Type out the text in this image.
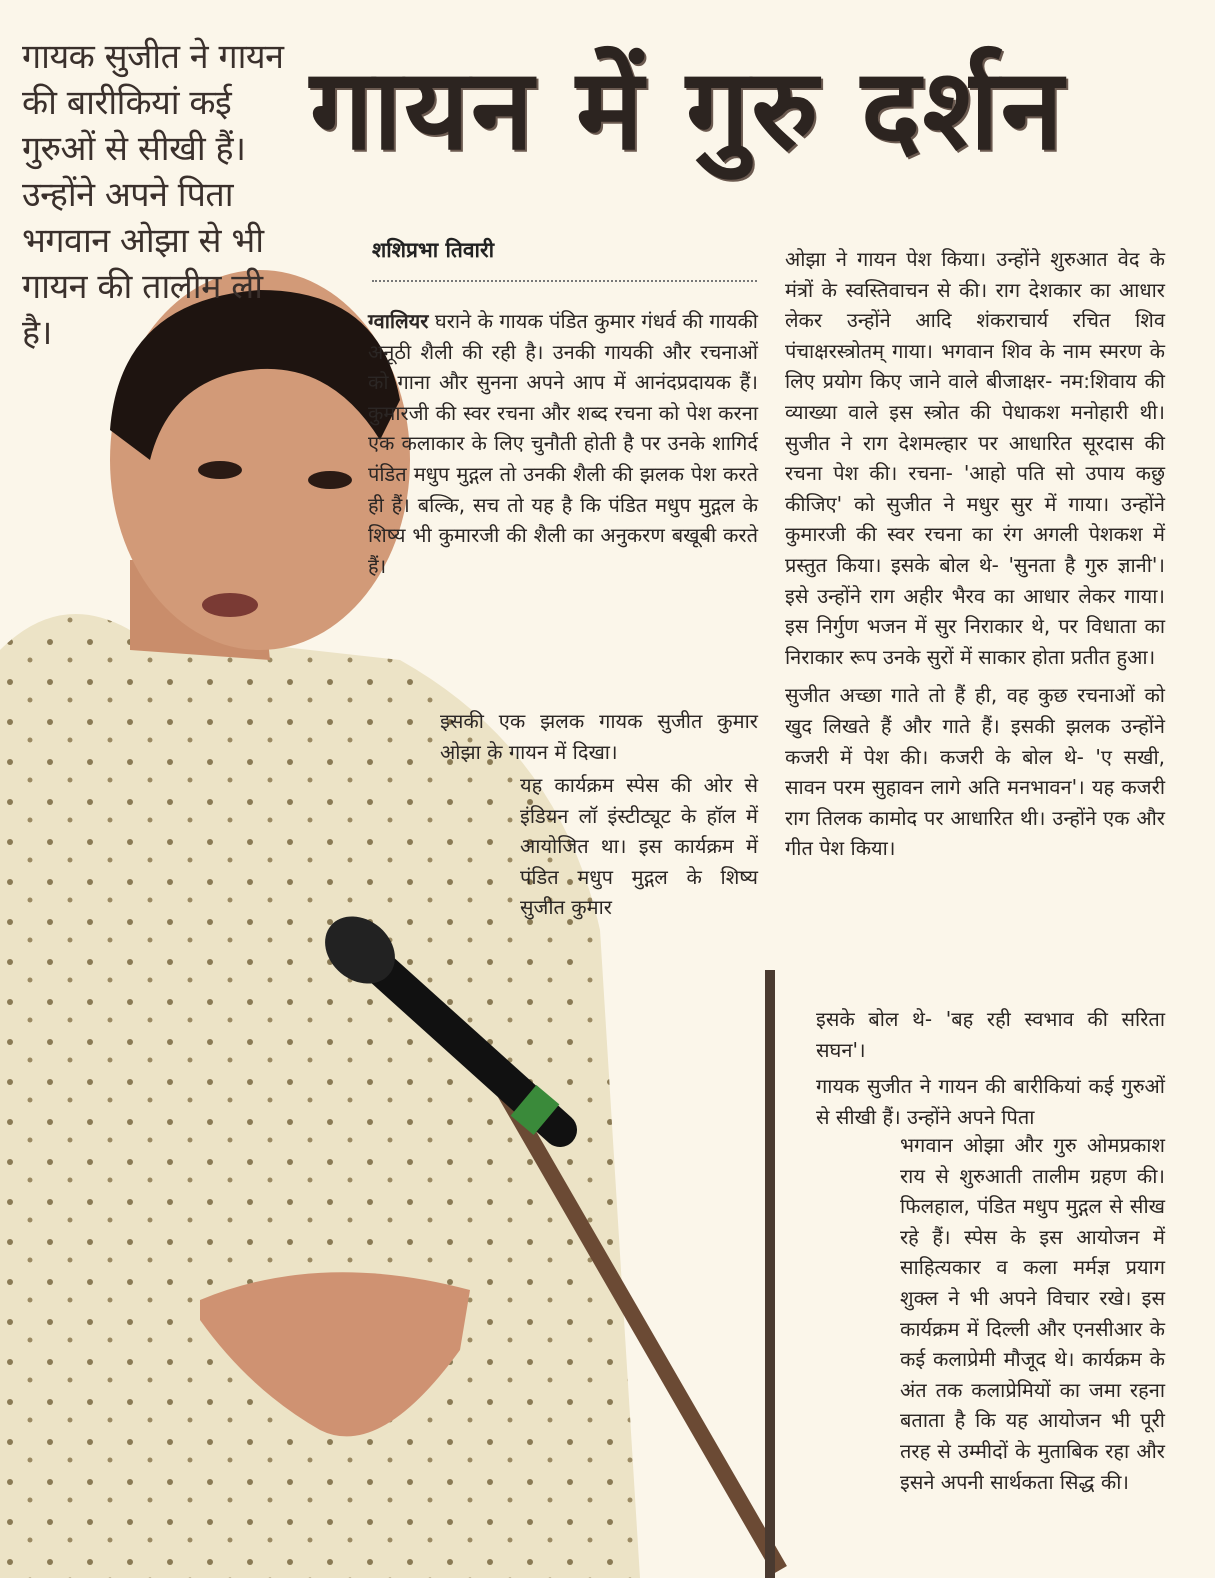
गायक सुजीत ने गायन की बारीकियां कई गुरुओं से सीखी हैं। उन्होंने अपने पिता भगवान ओझा से भी गायन की तालीम ली है।
गायन में गुरु दर्शन
शशिप्रभा तिवारी

ग्वालियर घराने के गायक पंडित कुमार गंधर्व की गायकी अनूठी शैली की रही है। उनकी गायकी और रचनाओं को गाना और सुनना अपने आप में आनंदप्रदायक हैं। कुमारजी की स्वर रचना और शब्द रचना को पेश करना एक कलाकार के लिए चुनौती होती है पर उनके शागिर्द पंडित मधुप मुद्गल तो उनकी शैली की झलक पेश करते ही हैं। बल्कि, सच तो यह है कि पंडित मधुप मुद्गल के शिष्य भी कुमारजी की शैली का अनुकरण बखूबी करते हैं।

इसकी एक झलक गायक सुजीत कुमार ओझा के गायन में दिखा।

यह कार्यक्रम स्पेस की ओर से इंडियन लॉ इंस्टीट्यूट के हॉल में आयोजित था। इस कार्यक्रम में पंडित मधुप मुद्गल के शिष्य सुजीत कुमार

ओझा ने गायन पेश किया। उन्होंने शुरुआत वेद के मंत्रों के स्वस्तिवाचन से की। राग देशकार का आधार लेकर उन्होंने आदि शंकराचार्य रचित शिव पंचाक्षरस्त्रोतम् गाया। भगवान शिव के नाम स्मरण के लिए प्रयोग किए जाने वाले बीजाक्षर- नम:शिवाय की व्याख्या वाले इस स्त्रोत की पेधाकश मनोहारी थी। सुजीत ने राग देशमल्हार पर आधारित सूरदास की रचना पेश की। रचना- 'आहो पति सो उपाय कछु कीजिए' को सुजीत ने मधुर सुर में गाया। उन्होंने कुमारजी की स्वर रचना का रंग अगली पेशकश में प्रस्तुत किया। इसके बोल थे- 'सुनता है गुरु ज्ञानी'। इसे उन्होंने राग अहीर भैरव का आधार लेकर गाया। इस निर्गुण भजन में सुर निराकार थे, पर विधाता का निराकार रूप उनके सुरों में साकार होता प्रतीत हुआ।

सुजीत अच्छा गाते तो हैं ही, वह कुछ रचनाओं को खुद लिखते हैं और गाते हैं। इसकी झलक उन्होंने कजरी में पेश की। कजरी के बोल थे- 'ए सखी, सावन परम सुहावन लागे अति मनभावन'। यह कजरी राग तिलक कामोद पर आधारित थी। उन्होंने एक और गीत पेश किया।

इसके बोल थे- 'बह रही स्वभाव की सरिता सघन'।

गायक सुजीत ने गायन की बारीकियां कई गुरुओं से सीखी हैं। उन्होंने अपने पिता

भगवान ओझा और गुरु ओमप्रकाश राय से शुरुआती तालीम ग्रहण की। फिलहाल, पंडित मधुप मुद्गल से सीख रहे हैं। स्पेस के इस आयोजन में साहित्यकार व कला मर्मज्ञ प्रयाग शुक्ल ने भी अपने विचार रखे। इस कार्यक्रम में दिल्ली और एनसीआर के कई कलाप्रेमी मौजूद थे। कार्यक्रम के अंत तक कलाप्रेमियों का जमा रहना बताता है कि यह आयोजन भी पूरी तरह से उम्मीदों के मुताबिक रहा और इसने अपनी सार्थकता सिद्ध की।
